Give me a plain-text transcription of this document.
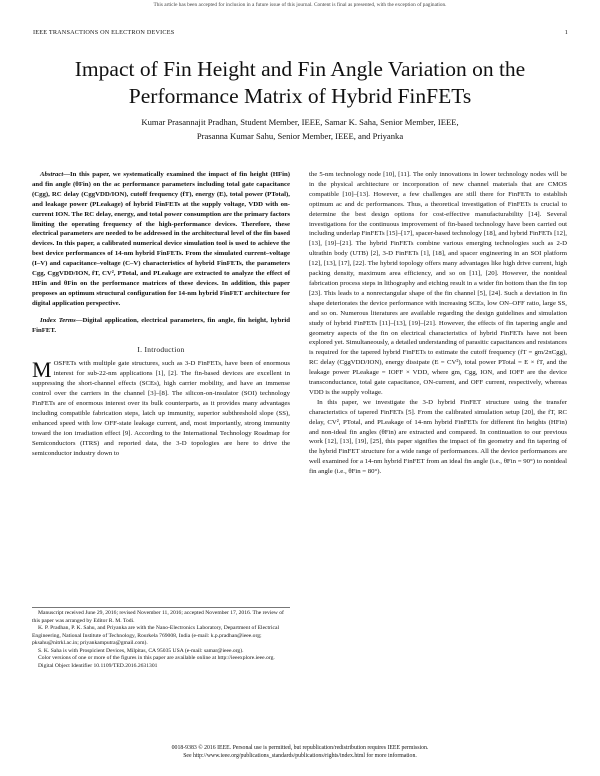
This article has been accepted for inclusion in a future issue of this journal. Content is final as presented, with the exception of pagination.
IEEE TRANSACTIONS ON ELECTRON DEVICES	1
Impact of Fin Height and Fin Angle Variation on the Performance Matrix of Hybrid FinFETs
Kumar Prasannajit Pradhan, Student Member, IEEE, Samar K. Saha, Senior Member, IEEE,
Prasanna Kumar Sahu, Senior Member, IEEE, and Priyanka

Abstract—In this paper, we systematically examined the impact of fin height (HFin) and fin angle (θFin) on the ac performance parameters including total gate capacitance (Cgg), RC delay (CggVDD/ION), cutoff frequency (fT), energy (E), total power (PTotal), and leakage power (PLeakage) of hybrid FinFETs at the supply voltage, VDD with on-current ION. The RC delay, energy, and total power consumption are the primary factors limiting the operating frequency of the high-performance devices. Therefore, these electrical parameters are needed to be addressed in the architectural level of the fin based devices. In this paper, a calibrated numerical device simulation tool is used to achieve the best device performances of 14-nm hybrid FinFETs. From the simulated current–voltage (I–V) and capacitance–voltage (C–V) characteristics of hybrid FinFETs, the parameters Cgg, CggVDD/ION, fT, CV², PTotal, and PLeakage are extracted to analyze the effect of HFin and θFin on the performance matrices of these devices. In addition, this paper proposes an optimum structural configuration for 14-nm hybrid FinFET architecture for digital application perspective.

Index Terms—Digital application, electrical parameters, fin angle, fin height, hybrid FinFET.

I. Introduction

M OSFETs with multiple gate structures, such as 3-D FinFETs, have been of enormous interest for sub-22-nm applications [1], [2]. The fin-based devices are excellent in suppressing the short-channel effects (SCEs), high carrier mobility, and have an immense control over the carriers in the channel [3]–[8]. The silicon-on-insulator (SOI) technology FinFETs are of enormous interest over its bulk counterparts, as it provides many advantages including compatible fabrication steps, latch up immunity, superior subthreshold slope (SS), enhanced speed with low OFF-state leakage current, and, most importantly, strong immunity toward the ion irradiation effect [9]. According to the International Technology Roadmap for Semiconductors (ITRS) and reported data, the 3-D topologies are here to drive the semiconductor industry down to

Manuscript received June 29, 2016; revised November 11, 2016; accepted November 17, 2016. The review of this paper was arranged by Editor R. M. Todi.

K. P. Pradhan, P. K. Sahu, and Priyanka are with the Nano-Electronics Laboratory, Department of Electrical Engineering, National Institute of Technology, Rourkela 769008, India (e-mail: k.p.pradhan@ieee.org; pksahu@nitrkl.ac.in; priyankamputra@gmail.com).

S. K. Saha is with Prospicient Devices, Milpitas, CA 95035 USA (e-mail: samar@ieee.org).

Color versions of one or more of the figures in this paper are available online at http://ieeexplore.ieee.org.

Digital Object Identifier 10.1109/TED.2016.2631301

the 5-nm technology node [10], [11]. The only innovations in lower technology nodes will be in the physical architecture or incorporation of new channel materials that are CMOS compatible [10]–[13]. However, a few challenges are still there for FinFETs to establish optimum ac and dc performances. Thus, a theoretical investigation of FinFETs is crucial to determine the best design options for cost-effective manufacturability [14]. Several investigations for the continuous improvement of fin-based technology have been carried out including underlap FinFETs [15]–[17], spacer-based technology [18], and hybrid FinFETs [12], [13], [19]–[21]. The hybrid FinFETs combine various emerging technologies such as 2-D ultrathin body (UTB) [2], 3-D FinFETs [1], [18], and spacer engineering in an SOI platform [12], [13], [17], [22]. The hybrid topology offers many advantages like high drive current, high packing density, maximum area efficiency, and so on [11], [20]. However, the nonideal fabrication process steps in lithography and etching result in a wider fin bottom than the fin top [23]. This leads to a nonrectangular shape of the fin channel [5], [24]. Such a deviation in fin shape deteriorates the device performance with increasing SCEs, low ON–OFF ratio, large SS, and so on. Numerous literatures are available regarding the design guidelines and simulation study of hybrid FinFETs [11]–[13], [19]–[21]. However, the effects of fin tapering angle and geometry aspects of the fin on electrical characteristics of hybrid FinFETs have not been explored yet. Simultaneously, a detailed understanding of parasitic capacitances and resistances is required for the tapered hybrid FinFETs to estimate the cutoff frequency (fT = gm/2πCgg), RC delay (CggVDD/ION), energy dissipate (E = CV²), total power PTotal = E × fT, and the leakage power PLeakage = IOFF × VDD, where gm, Cgg, ION, and IOFF are the device transconductance, total gate capacitance, ON-current, and OFF current, respectively, whereas VDD is the supply voltage.

In this paper, we investigate the 3-D hybrid FinFET structure using the transfer characteristics of tapered FinFETs [5]. From the calibrated simulation setup [20], the fT, RC delay, CV², PTotal, and PLeakage of 14-nm hybrid FinFETs for different fin heights (HFin) and non-ideal fin angles (θFin) are extracted and compared. In continuation to our previous work [12], [13], [19], [25], this paper signifies the impact of fin geometry and fin tapering of the hybrid FinFET structure for a wide range of performances. All the device performances are well examined for a 14-nm hybrid FinFET from an ideal fin angle (i.e., θFin = 90°) to nonideal fin angle (i.e., θFin = 80°).

0018-9383 © 2016 IEEE. Personal use is permitted, but republication/redistribution requires IEEE permission.
See http://www.ieee.org/publications_standards/publications/rights/index.html for more information.
